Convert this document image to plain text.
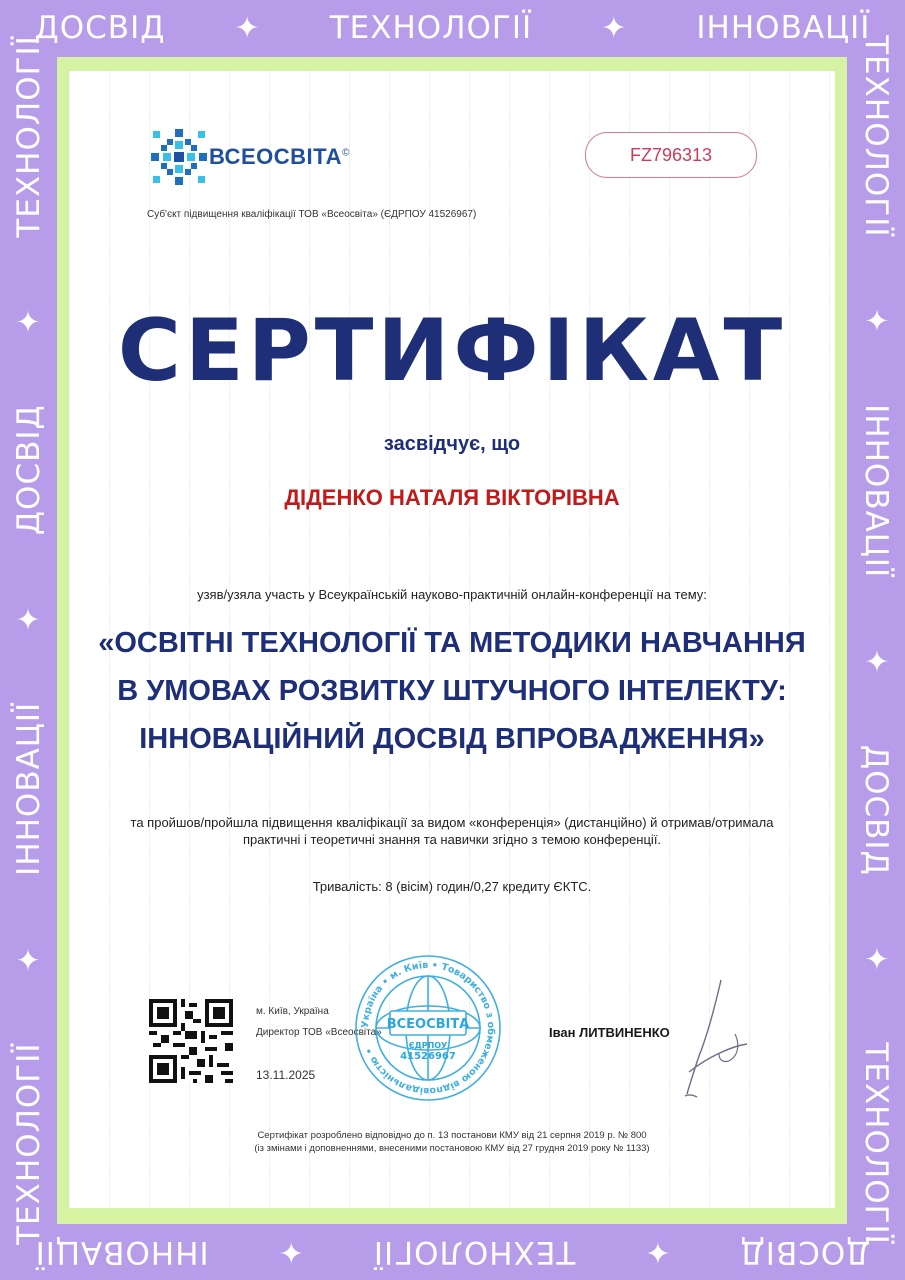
ДОСВІД ✦ ТЕХНОЛОГІЇ ✦ ІННОВАЦІЇ
ТЕХНОЛОГІЇ
✦
ІННОВАЦІЇ
✦
ДОСВІД
✦
ТЕХНОЛОГІЇ
ДОСВІД
✦
ТЕХНОЛОГІЇ
✦
ІННОВАЦІЇ
ТЕХНОЛОГІЇ
✦
ІННОВАЦІЇ
✦
ДОСВІД
✦
ТЕХНОЛОГІЇ	ВСЕОСВІТА©
Суб'єкт підвищення кваліфікації ТОВ «Всеосвіта» (ЄДРПОУ 41526967)
FZ796313
СЕРТИФІКАТ
засвідчує, що
ДІДЕНКО НАТАЛЯ ВІКТОРІВНА
узяв/узяла участь у Всеукраїнській науково-практичній онлайн-конференції на тему:
«ОСВІТНІ ТЕХНОЛОГІЇ ТА МЕТОДИКИ НАВЧАННЯ В УМОВАХ РОЗВИТКУ ШТУЧНОГО ІНТЕЛЕКТУ: ІННОВАЦІЙНИЙ ДОСВІД ВПРОВАДЖЕННЯ»
та пройшов/пройшла підвищення кваліфікації за видом «конференція» (дистанційно) й отримав/отримала практичні і теоретичні знання та навички згідно з темою конференції.
Тривалість: 8 (вісім) годин/0,27 кредиту ЄКТС.
м. Київ, Україна
Директор ТОВ «Всеосвіта»
13.11.2025
Україна • м. Київ • Товариство з обмеженою відповідальністю •
ВСЕОСВІТА
ЄДРПОУ
41526967
Іван ЛИТВИНЕНКО
Сертифікат розроблено відповідно до п. 13 постанови КМУ від 21 серпня 2019 р. № 800
(із змінами і доповненнями, внесеними постановою КМУ від 27 грудня 2019 року № 1133)
